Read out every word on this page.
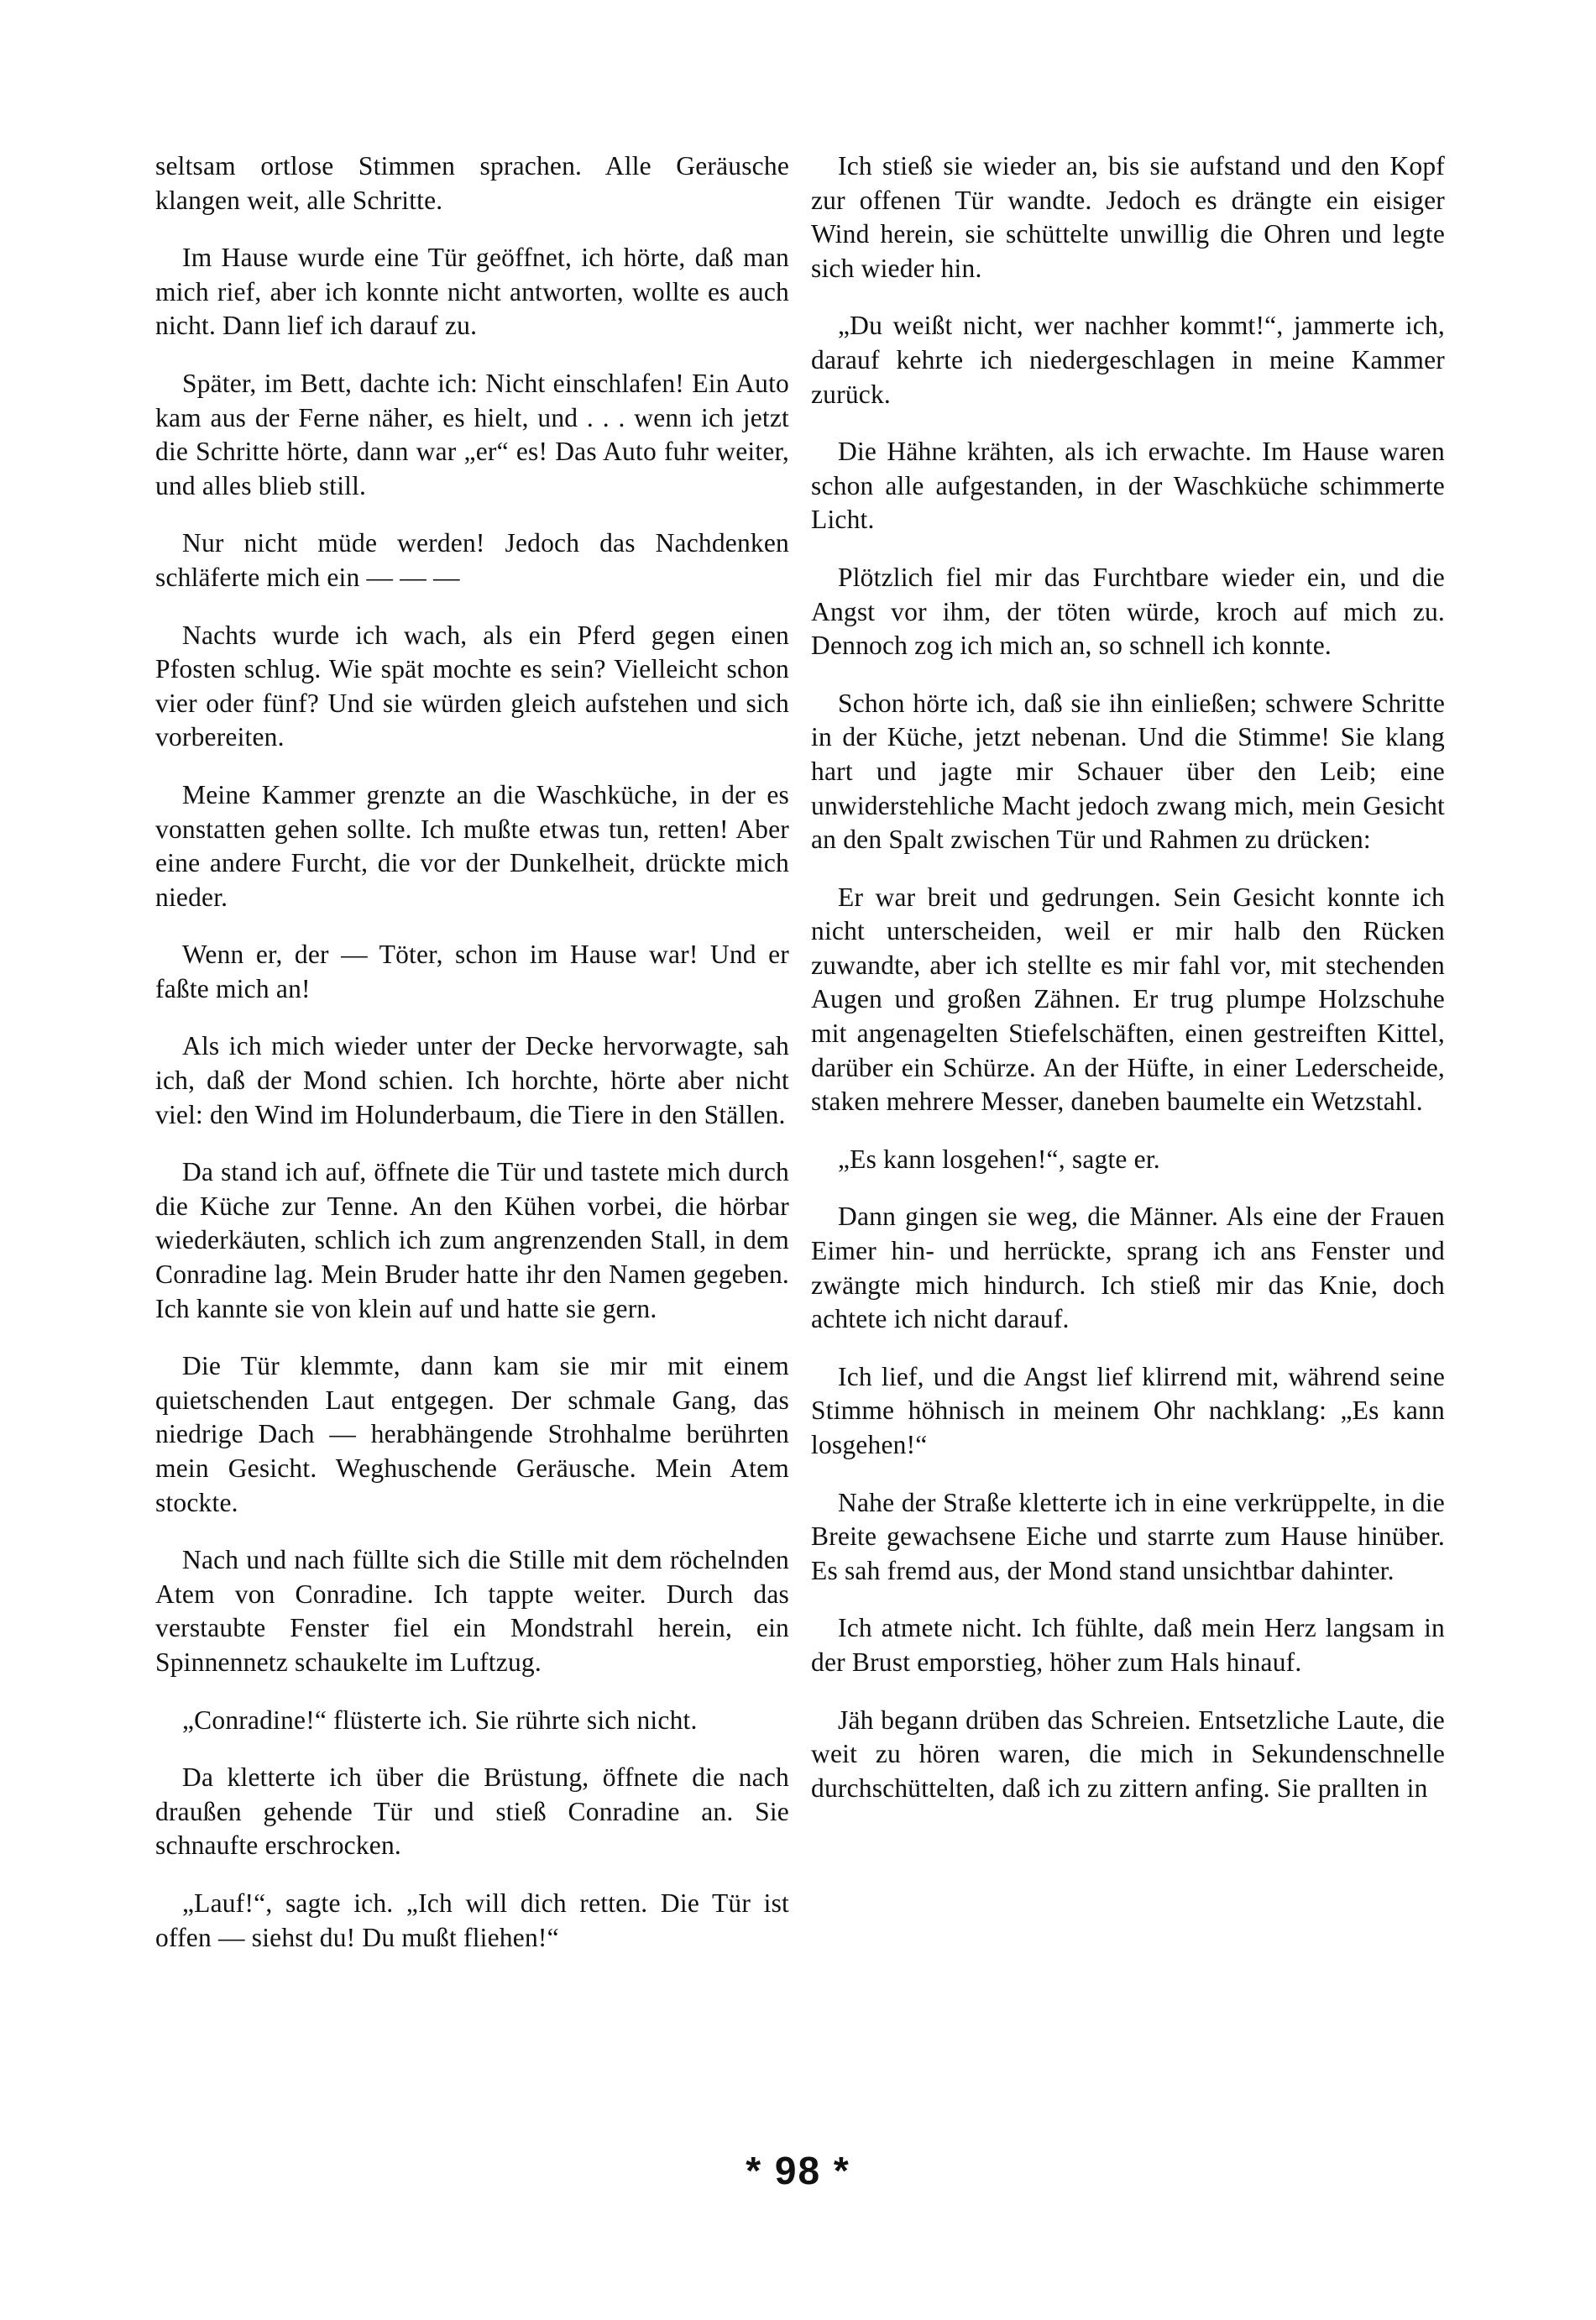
seltsam ortlose Stimmen sprachen. Alle Geräusche klangen weit, alle Schritte.

Im Hause wurde eine Tür geöffnet, ich hörte, daß man mich rief, aber ich konnte nicht antworten, wollte es auch nicht. Dann lief ich darauf zu.

Später, im Bett, dachte ich: Nicht einschlafen! Ein Auto kam aus der Ferne näher, es hielt, und . . . wenn ich jetzt die Schritte hörte, dann war „er“ es! Das Auto fuhr weiter, und alles blieb still.

Nur nicht müde werden! Jedoch das Nachdenken schläferte mich ein — — —

Nachts wurde ich wach, als ein Pferd gegen einen Pfosten schlug. Wie spät mochte es sein? Vielleicht schon vier oder fünf? Und sie würden gleich aufstehen und sich vorbereiten.

Meine Kammer grenzte an die Waschküche, in der es vonstatten gehen sollte. Ich mußte etwas tun, retten! Aber eine andere Furcht, die vor der Dunkelheit, drückte mich nieder.

Wenn er, der — Töter, schon im Hause war! Und er faßte mich an!

Als ich mich wieder unter der Decke hervorwagte, sah ich, daß der Mond schien. Ich horchte, hörte aber nicht viel: den Wind im Holunderbaum, die Tiere in den Ställen.

Da stand ich auf, öffnete die Tür und tastete mich durch die Küche zur Tenne. An den Kühen vorbei, die hörbar wiederkäuten, schlich ich zum angrenzenden Stall, in dem Conradine lag. Mein Bruder hatte ihr den Namen gegeben. Ich kannte sie von klein auf und hatte sie gern.

Die Tür klemmte, dann kam sie mir mit einem quietschenden Laut entgegen. Der schmale Gang, das niedrige Dach — herabhängende Strohhalme berührten mein Gesicht. Weghuschende Geräusche. Mein Atem stockte.

Nach und nach füllte sich die Stille mit dem röchelnden Atem von Conradine. Ich tappte weiter. Durch das verstaubte Fenster fiel ein Mondstrahl herein, ein Spinnennetz schaukelte im Luftzug.

„Conradine!“ flüsterte ich. Sie rührte sich nicht.

Da kletterte ich über die Brüstung, öffnete die nach draußen gehende Tür und stieß Conradine an. Sie schnaufte erschrocken.

„Lauf!“, sagte ich. „Ich will dich retten. Die Tür ist offen — siehst du! Du mußt fliehen!“

Ich stieß sie wieder an, bis sie aufstand und den Kopf zur offenen Tür wandte. Jedoch es drängte ein eisiger Wind herein, sie schüttelte unwillig die Ohren und legte sich wieder hin.

„Du weißt nicht, wer nachher kommt!“, jammerte ich, darauf kehrte ich niedergeschlagen in meine Kammer zurück.

Die Hähne krähten, als ich erwachte. Im Hause waren schon alle aufgestanden, in der Waschküche schimmerte Licht.

Plötzlich fiel mir das Furchtbare wieder ein, und die Angst vor ihm, der töten würde, kroch auf mich zu. Dennoch zog ich mich an, so schnell ich konnte.

Schon hörte ich, daß sie ihn einließen; schwere Schritte in der Küche, jetzt nebenan. Und die Stimme! Sie klang hart und jagte mir Schauer über den Leib; eine unwiderstehliche Macht jedoch zwang mich, mein Gesicht an den Spalt zwischen Tür und Rahmen zu drücken:

Er war breit und gedrungen. Sein Gesicht konnte ich nicht unterscheiden, weil er mir halb den Rücken zuwandte, aber ich stellte es mir fahl vor, mit stechenden Augen und großen Zähnen. Er trug plumpe Holzschuhe mit angenagelten Stiefelschäften, einen gestreiften Kittel, darüber ein Schürze. An der Hüfte, in einer Lederscheide, staken mehrere Messer, daneben baumelte ein Wetzstahl.

„Es kann losgehen!“, sagte er.

Dann gingen sie weg, die Männer. Als eine der Frauen Eimer hin- und herrückte, sprang ich ans Fenster und zwängte mich hindurch. Ich stieß mir das Knie, doch achtete ich nicht darauf.

Ich lief, und die Angst lief klirrend mit, während seine Stimme höhnisch in meinem Ohr nachklang: „Es kann losgehen!“

Nahe der Straße kletterte ich in eine verkrüppelte, in die Breite gewachsene Eiche und starrte zum Hause hinüber. Es sah fremd aus, der Mond stand unsichtbar dahinter.

Ich atmete nicht. Ich fühlte, daß mein Herz langsam in der Brust emporstieg, höher zum Hals hinauf.

Jäh begann drüben das Schreien. Entsetzliche Laute, die weit zu hören waren, die mich in Sekundenschnelle durchschüttelten, daß ich zu zittern anfing. Sie prallten in

* 98 *
